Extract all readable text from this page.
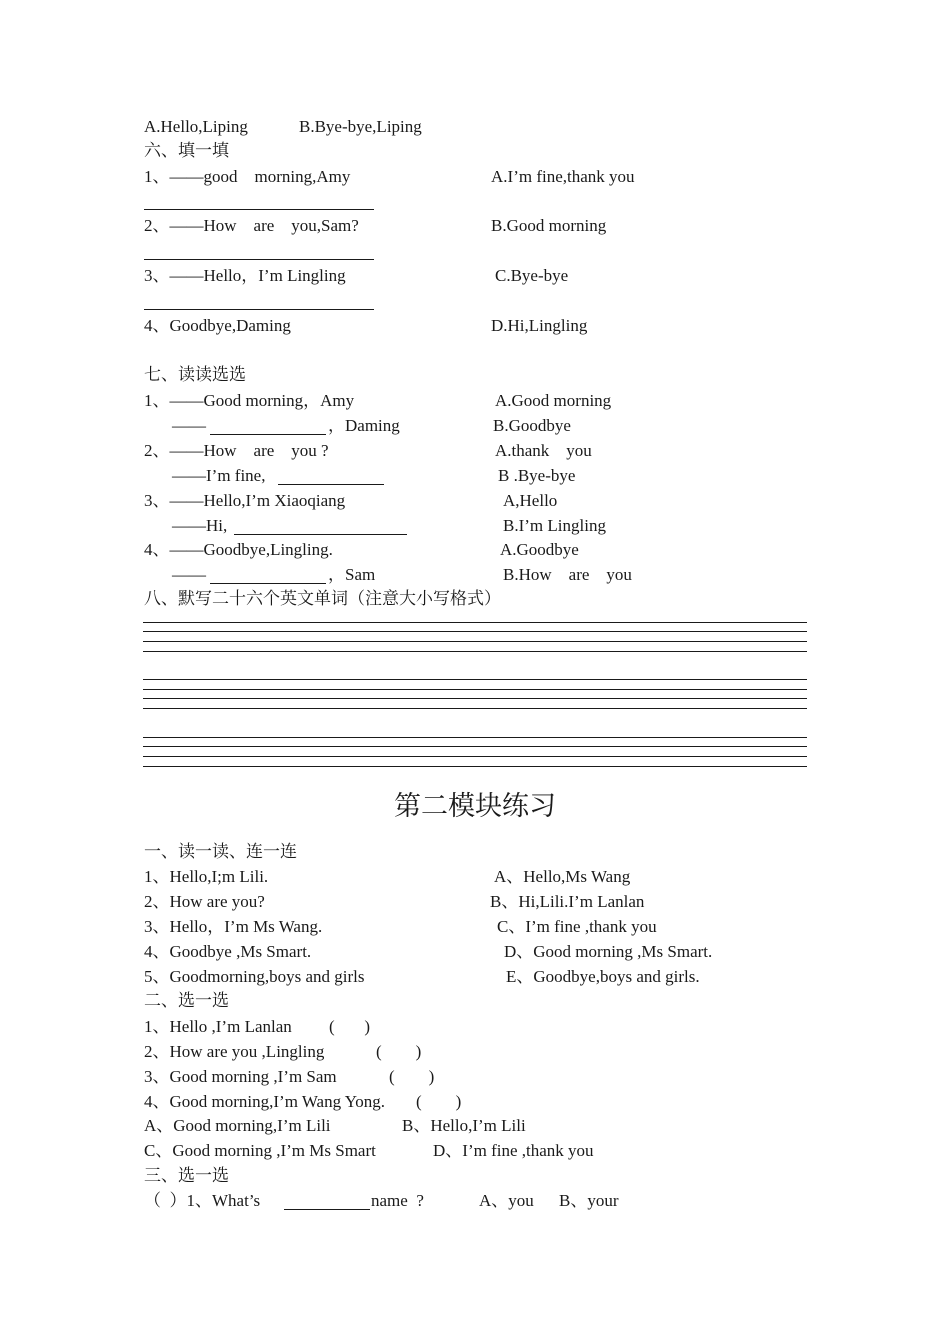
A.Hello,Liping	B.Bye-bye,Liping
六、填一填
1、——good    morning,Amy	A.I’m fine,thank you
2、——How    are    you,Sam?	B.Good morning
3、——Hello，I’m Lingling	C.Bye-bye
4、Goodbye,Daming	D.Hi,Lingling
七、读读选选
1、——Good morning，Amy	A.Good morning
——	，Daming	B.Goodbye
2、——How    are    you ?	A.thank    you
——I’m fine,	B .Bye-bye
3、——Hello,I’m Xiaoqiang	A,Hello
——Hi,	B.I’m Lingling
4、——Goodbye,Lingling.	A.Goodbye
——	，Sam	B.How    are    you
八、默写二十六个英文单词（注意大小写格式）
第二模块练习
一、读一读、连一连
1、Hello,I;m Lili.	A、Hello,Ms Wang
2、How are you?	B、Hi,Lili.I’m Lanlan
3、Hello，I’m Ms Wang.	C、I’m fine ,thank you
4、Goodbye ,Ms Smart.	D、Good morning ,Ms Smart.
5、Goodmorning,boys and girls	E、Goodbye,boys and girls.
二、选一选
1、Hello ,I’m Lanlan (       )
2、How are you ,Lingling	(        )
3、Good morning ,I’m Sam	(        )
4、Good morning,I’m Wang Yong. (        )
A、Good morning,I’m Lili	B、Hello,I’m Lili
C、Good morning ,I’m Ms Smart	D、I’m fine ,thank you
三、选一选
（  ）1、What’s	name  ?	A、you B、your
